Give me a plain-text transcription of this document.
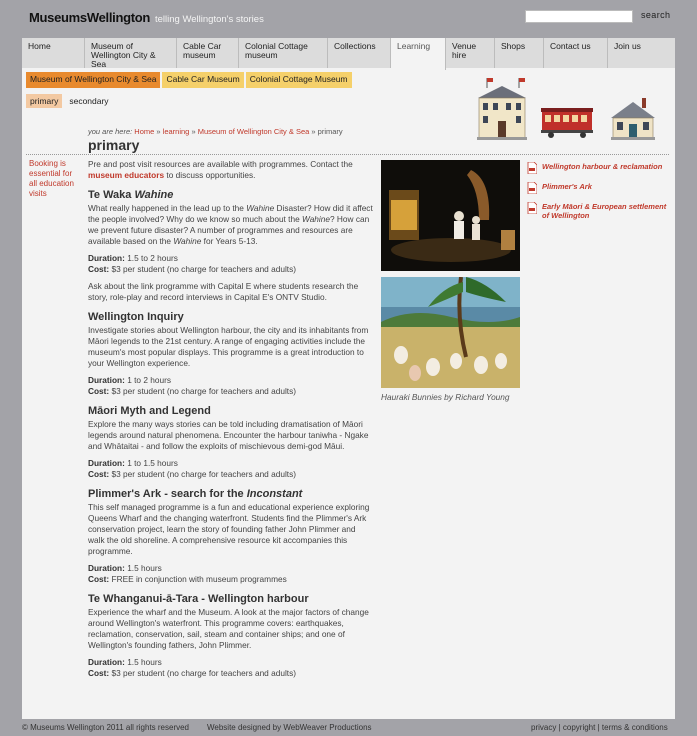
MuseumsWellington telling Wellington's stories	search
Home	Museum of Wellington City & Sea
Cable Car museum
Colonial Cottage museum
Collections	Learning	Venue hire
Shops	Contact us	Join us
Museum of Wellington City & Sea	Cable Car Museum	Colonial Cottage Museum
primary	secondary
you are here: Home » learning » Museum of Wellington City & Sea » primary
primary
Booking is essential for all education visits

Pre and post visit resources are available with programmes. Contact the museum educators to discuss opportunities.

Te Waka Wahine

What really happened in the lead up to the Wahine Disaster? How did it affect the people involved? Why do we know so much about the Wahine? How can we prevent future disaster? A number of programmes and resources are available based on the Wahine for Years 5-13.

Duration: 1.5 to 2 hours
Cost: $3 per student (no charge for teachers and adults)

Ask about the link programme with Capital E where students research the story, role-play and record interviews in Capital E's ONTV Studio.

Wellington Inquiry

Investigate stories about Wellington harbour, the city and its inhabitants from Māori legends to the 21st century. A range of engaging activities include the museum's most popular displays. This programme is a great introduction to your Wellington experience.

Duration: 1 to 2 hours
Cost: $3 per student (no charge for teachers and adults)
Māori Myth and Legend

Explore the many ways stories can be told including dramatisation of Māori legends around natural phenomena. Encounter the harbour taniwha - Ngake and Whātaitai - and follow the exploits of mischievous demi-god Māui.

Duration: 1 to 1.5 hours
Cost: $3 per student (no charge for teachers and adults)
Plimmer's Ark - search for the Inconstant

This self managed programme is a fun and educational experience exploring Queens Wharf and the changing waterfront. Students find the Plimmer's Ark conservation project, learn the story of founding father John Plimmer and walk the old shoreline. A comprehensive resource kit accompanies this programme.

Duration: 1.5 hours
Cost: FREE in conjunction with museum programmes
Te Whanganui-ā-Tara - Wellington harbour

Experience the wharf and the Museum. A look at the major factors of change around Wellington's waterfront. This programme covers: earthquakes, reclamation, conservation, sail, steam and container ships; and one of Wellington's founding fathers, John Plimmer.

Duration: 1.5 hours
Cost: $3 per student (no charge for teachers and adults)
Hauraki Bunnies by Richard Young
Wellington harbour & reclamation
Plimmer's Ark
Early Māori & European settlement of Wellington
© Museums Wellington 2011 all rights reserved Website designed by WebWeaver Productions	privacy | copyright | terms & conditions
